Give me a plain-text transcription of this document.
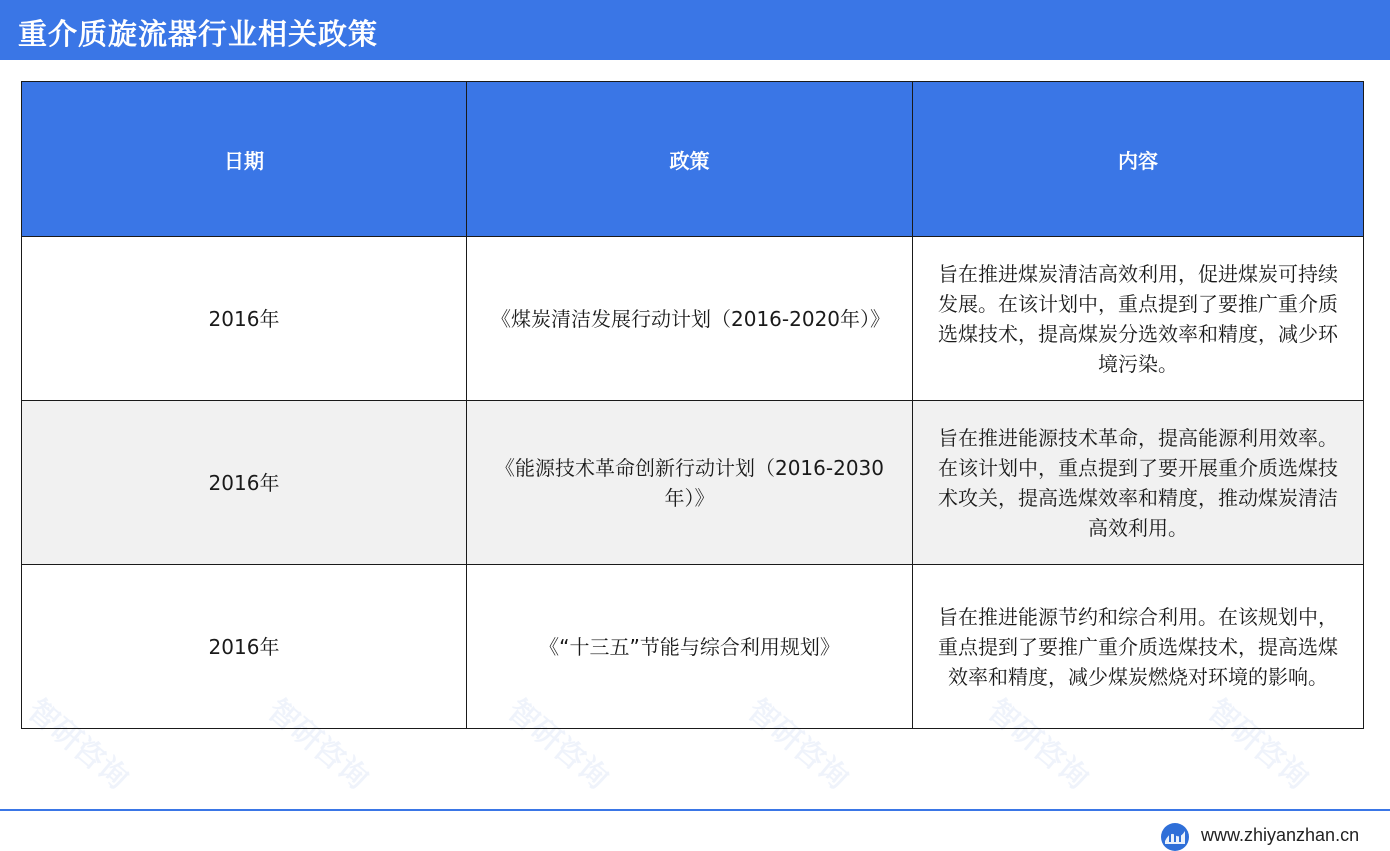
智研咨询	智研咨询	智研咨询	智研咨询	智研咨询	智研咨询
重介质旋流器行业相关政策
日期	政策	内容
2016年	《煤炭清洁发展行动计划（2016-2020年）》	旨在推进煤炭清洁高效利用，促进煤炭可持续发展。在该计划中，重点提到了要推广重介质选煤技术，提高煤炭分选效率和精度，减少环境污染。
2016年	《能源技术革命创新行动计划（2016-2030年）》	旨在推进能源技术革命，提高能源利用效率。在该计划中，重点提到了要开展重介质选煤技术攻关，提高选煤效率和精度，推动煤炭清洁高效利用。
2016年	《“十三五”节能与综合利用规划》	旨在推进能源节约和综合利用。在该规划中，重点提到了要推广重介质选煤技术，提高选煤效率和精度，减少煤炭燃烧对环境的影响。
www.zhiyanzhan.cn
